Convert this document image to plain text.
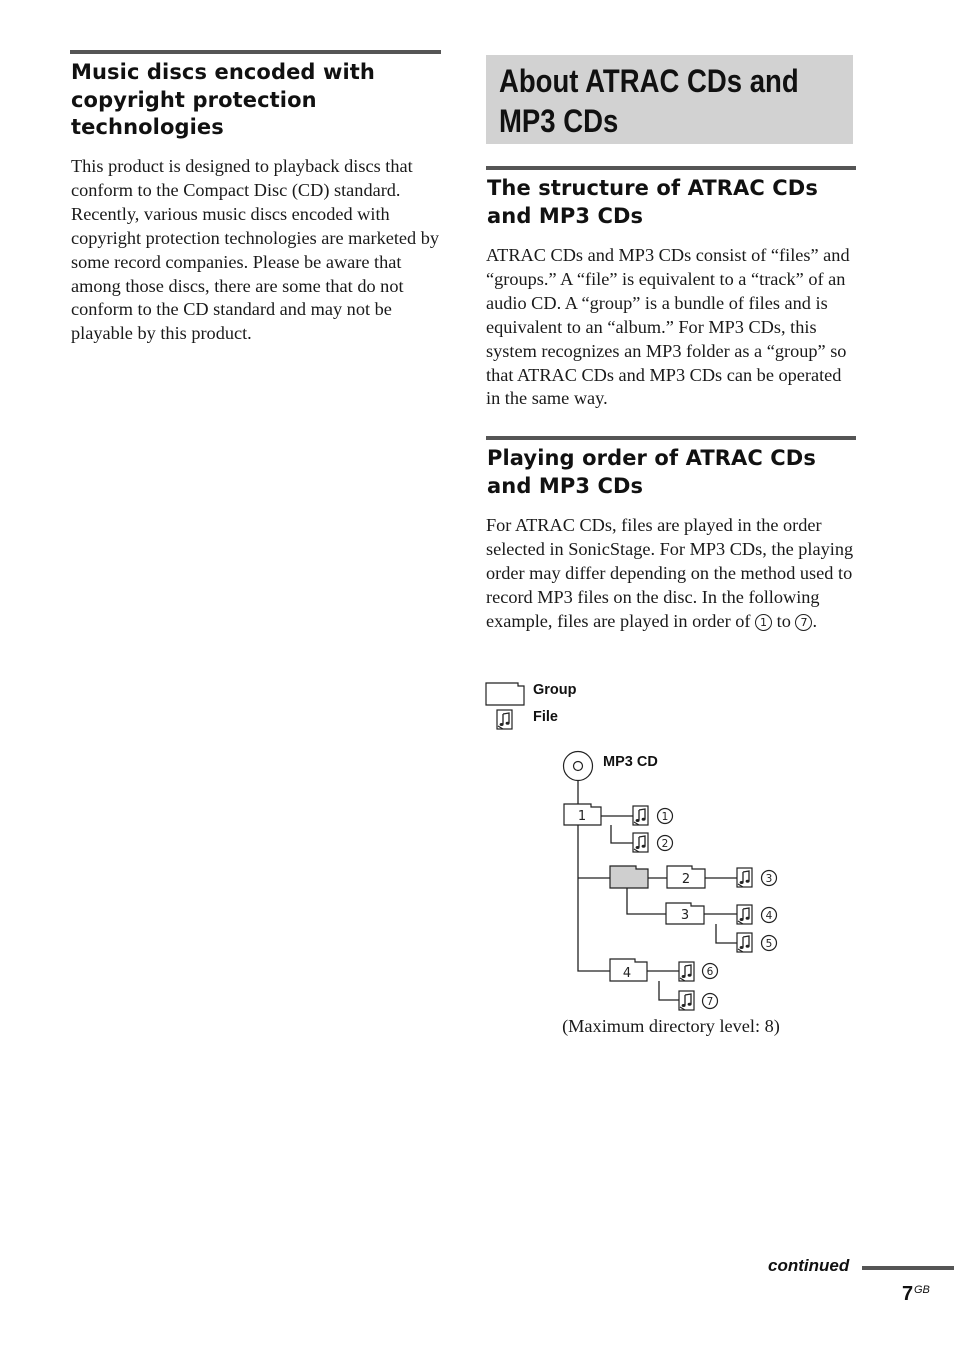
Music discs encoded with copyright protection technologies

This product is designed to playback discs that conform to the Compact Disc (CD) standard. Recently, various music discs encoded with copyright protection technologies are marketed by some record companies. Please be aware that among those discs, there are some that do not conform to the CD standard and may not be playable by this product.

About ATRAC CDs and
MP3 CDs
The structure of ATRAC CDs and MP3 CDs

ATRAC CDs and MP3 CDs consist of “files” and “groups.” A “file” is equivalent to a “track” of an audio CD. A “group” is a bundle of files and is equivalent to an “album.” For MP3 CDs, this system recognizes an MP3 folder as a “group” so that ATRAC CDs and MP3 CDs can be operated in the same way.

Playing order of ATRAC CDs and MP3 CDs

For ATRAC CDs, files are played in the order selected in SonicStage. For MP3 CDs, the playing order may differ depending on the method used to record MP3 files on the disc. In the following example, files are played in order of 1 to 7 .

Group
File
MP3 CD
1
2
3
4
1
2
3
4
5
6
7
(Maximum directory level: 8)
continued
7 GB
